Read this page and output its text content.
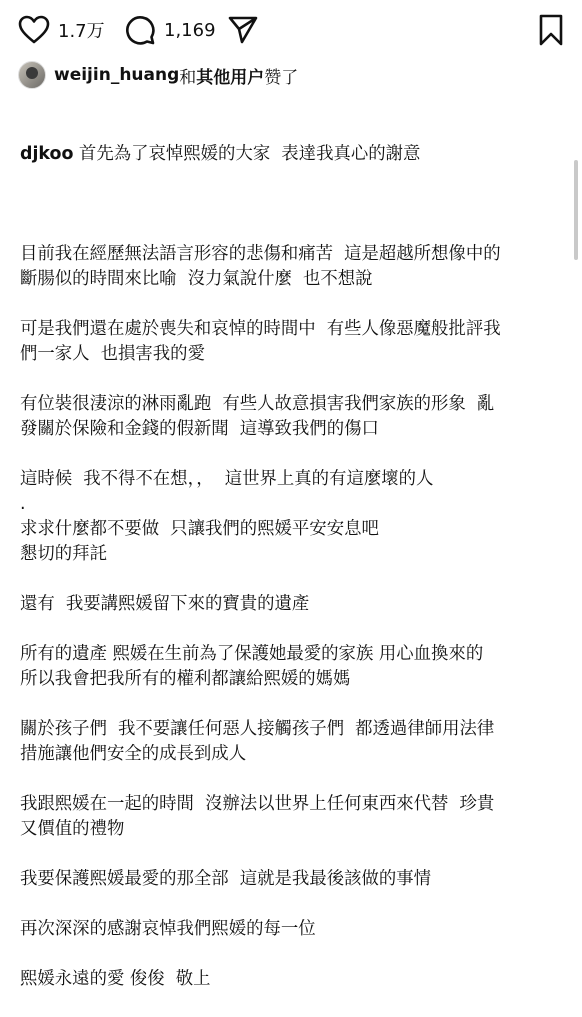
1.7万	1,169
weijin_huang 和 其他用户 赞了

djkoo 首先為了哀悼熙媛的大家  表達我真心的謝意

目前我在經歷無法語言形容的悲傷和痛苦  這是超越所想像中的
斷腸似的時間來比喻  沒力氣說什麼  也不想說

可是我們還在處於喪失和哀悼的時間中  有些人像惡魔般批評我
們一家人  也損害我的愛

有位裝很淒涼的淋雨亂跑  有些人故意損害我們家族的形象  亂
發關於保險和金錢的假新聞  這導致我們的傷口

這時候  我不得不在想，，  這世界上真的有這麼壞的人
.
求求什麼都不要做  只讓我們的熙媛平安安息吧
懇切的拜託

還有  我要講熙媛留下來的寶貴的遺產

所有的遺產 熙媛在生前為了保護她最愛的家族 用心血換來的
所以我會把我所有的權利都讓給熙媛的媽媽

關於孩子們  我不要讓任何惡人接觸孩子們  都透過律師用法律
措施讓他們安全的成長到成人

我跟熙媛在一起的時間  沒辦法以世界上任何東西來代替  珍貴
又價值的禮物

我要保護熙媛最愛的那全部  這就是我最後該做的事情

再次深深的感謝哀悼我們熙媛的每一位

熙媛永遠的愛 俊俊  敬上
